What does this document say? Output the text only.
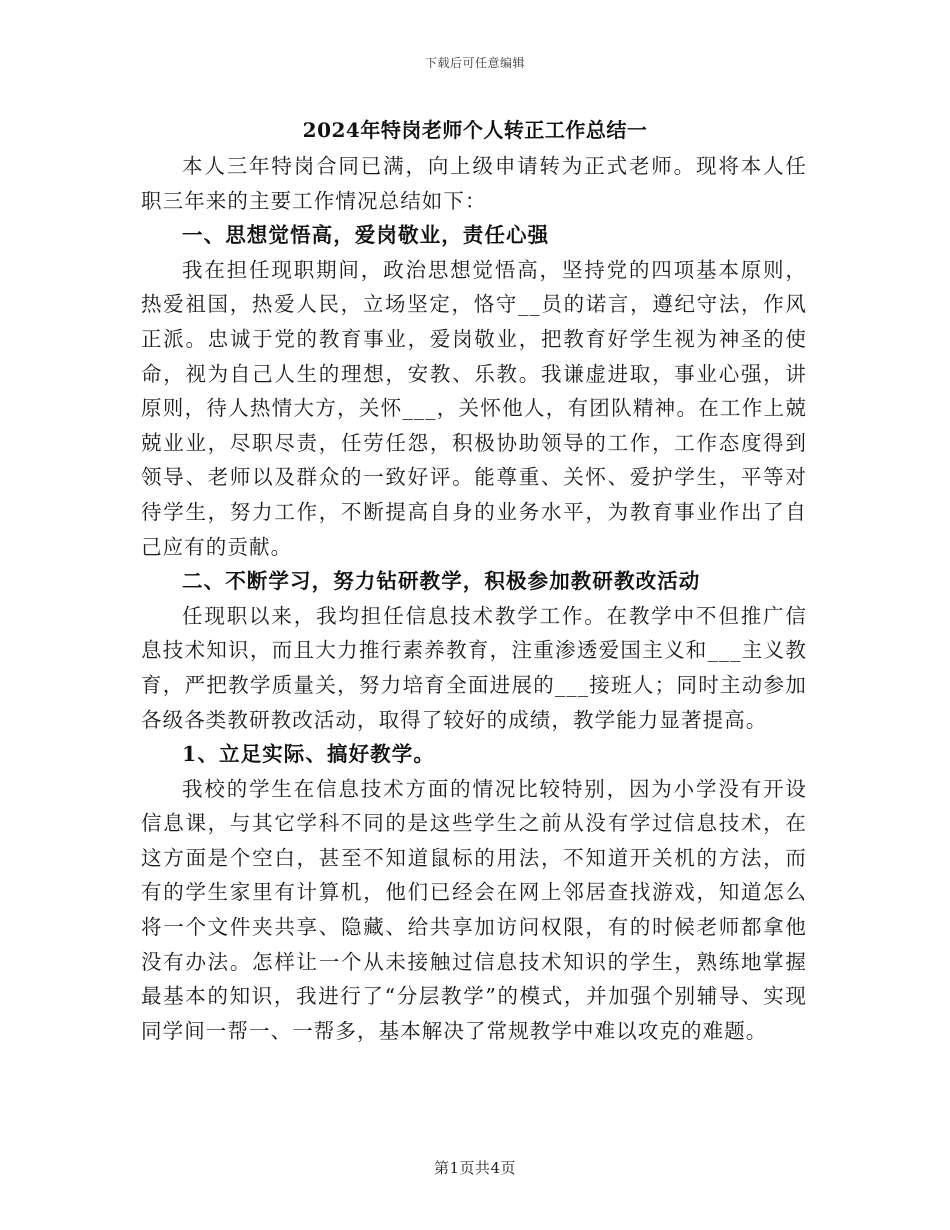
下载后可任意编辑
2024年特岗老师个人转正工作总结一

本人三年特岗合同已满，向上级申请转为正式老师。现将本人任职三年来的主要工作情况总结如下：

一、思想觉悟高，爱岗敬业，责任心强

我在担任现职期间，政治思想觉悟高，坚持党的四项基本原则，热爱祖国，热爱人民，立场坚定，恪守__员的诺言，遵纪守法，作风正派。忠诚于党的教育事业，爱岗敬业，把教育好学生视为神圣的使命，视为自己人生的理想，安教、乐教。我谦虚进取，事业心强，讲原则，待人热情大方，关怀___，关怀他人，有团队精神。在工作上兢兢业业，尽职尽责，任劳任怨，积极协助领导的工作，工作态度得到领导、老师以及群众的一致好评。能尊重、关怀、爱护学生，平等对待学生，努力工作，不断提高自身的业务水平，为教育事业作出了自己应有的贡献。

二、不断学习，努力钻研教学，积极参加教研教改活动

任现职以来，我均担任信息技术教学工作。在教学中不但推广信息技术知识，而且大力推行素养教育，注重渗透爱国主义和___主义教育，严把教学质量关，努力培育全面进展的___接班人；同时主动参加各级各类教研教改活动，取得了较好的成绩，教学能力显著提高。

1、立足实际、搞好教学。

我校的学生在信息技术方面的情况比较特别，因为小学没有开设信息课，与其它学科不同的是这些学生之前从没有学过信息技术，在这方面是个空白，甚至不知道鼠标的用法，不知道开关机的方法，而有的学生家里有计算机，他们已经会在网上邻居查找游戏，知道怎么将一个文件夹共享、隐藏、给共享加访问权限，有的时候老师都拿他没有办法。怎样让一个从未接触过信息技术知识的学生，熟练地掌握最基本的知识，我进行了“分层教学”的模式，并加强个别辅导、实现同学间一帮一、一帮多，基本解决了常规教学中难以攻克的难题。

第1页共4页
